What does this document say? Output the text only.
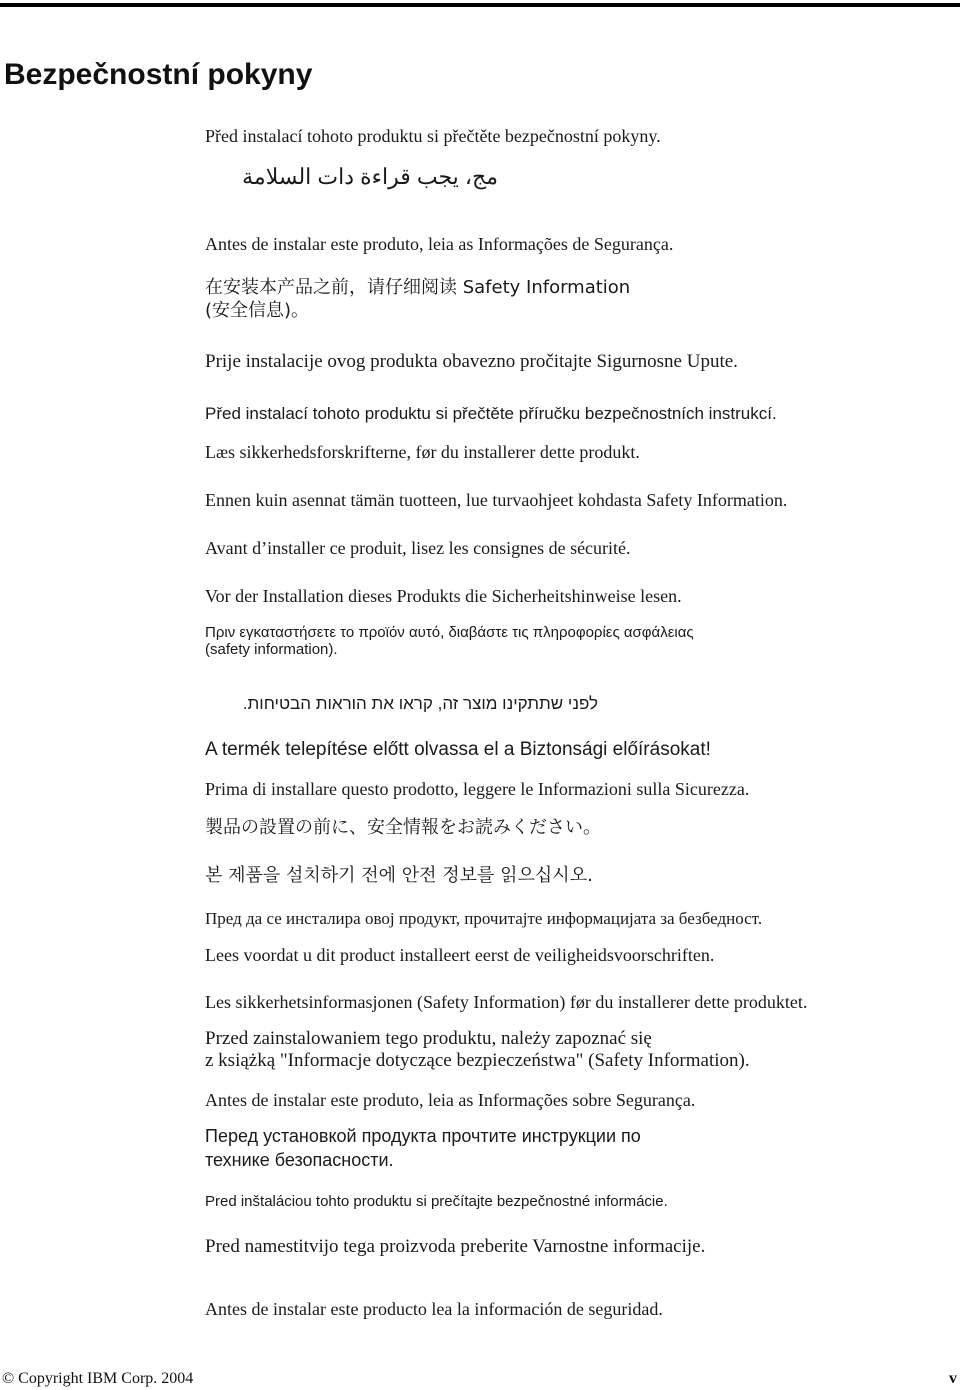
Bezpečnostní pokyny

Před instalací tohoto produktu si přečtěte bezpečnostní pokyny.

مج، يجب قراءة دات السلامة

Antes de instalar este produto, leia as Informações de Segurança.

在安装本产品之前，请仔细阅读 Safety Information

(安全信息)。

Prije instalacije ovog produkta obavezno pročitajte Sigurnosne Upute.

Před instalací tohoto produktu si přečtěte příručku bezpečnostních instrukcí.

Læs sikkerhedsforskrifterne, før du installerer dette produkt.

Ennen kuin asennat tämän tuotteen, lue turvaohjeet kohdasta Safety Information.

Avant d’installer ce produit, lisez les consignes de sécurité.

Vor der Installation dieses Produkts die Sicherheitshinweise lesen.

Πριν εγκαταστήσετε το προϊόν αυτό, διαβάστε τις πληροφορίες ασφάλειας

(safety information).

לפני שתתקינו מוצר זה, קראו את הוראות הבטיחות.

A termék telepítése előtt olvassa el a Biztonsági előírásokat!

Prima di installare questo prodotto, leggere le Informazioni sulla Sicurezza.

製品の設置の前に、安全情報をお読みください。

본 제품을 설치하기 전에 안전 정보를 읽으십시오.

Пред да се инсталира овој продукт, прочитајте информацијата за безбедност.

Lees voordat u dit product installeert eerst de veiligheidsvoorschriften.

Les sikkerhetsinformasjonen (Safety Information) før du installerer dette produktet.

Przed zainstalowaniem tego produktu, należy zapoznać się

z książką "Informacje dotyczące bezpieczeństwa" (Safety Information).

Antes de instalar este produto, leia as Informações sobre Segurança.

Перед установкой продукта прочтите инструкции по

технике безопасности.

Pred inštaláciou tohto produktu si prečítajte bezpečnostné informácie.

Pred namestitvijo tega proizvoda preberite Varnostne informacije.

Antes de instalar este producto lea la información de seguridad.

© Copyright IBM Corp. 2004	v
